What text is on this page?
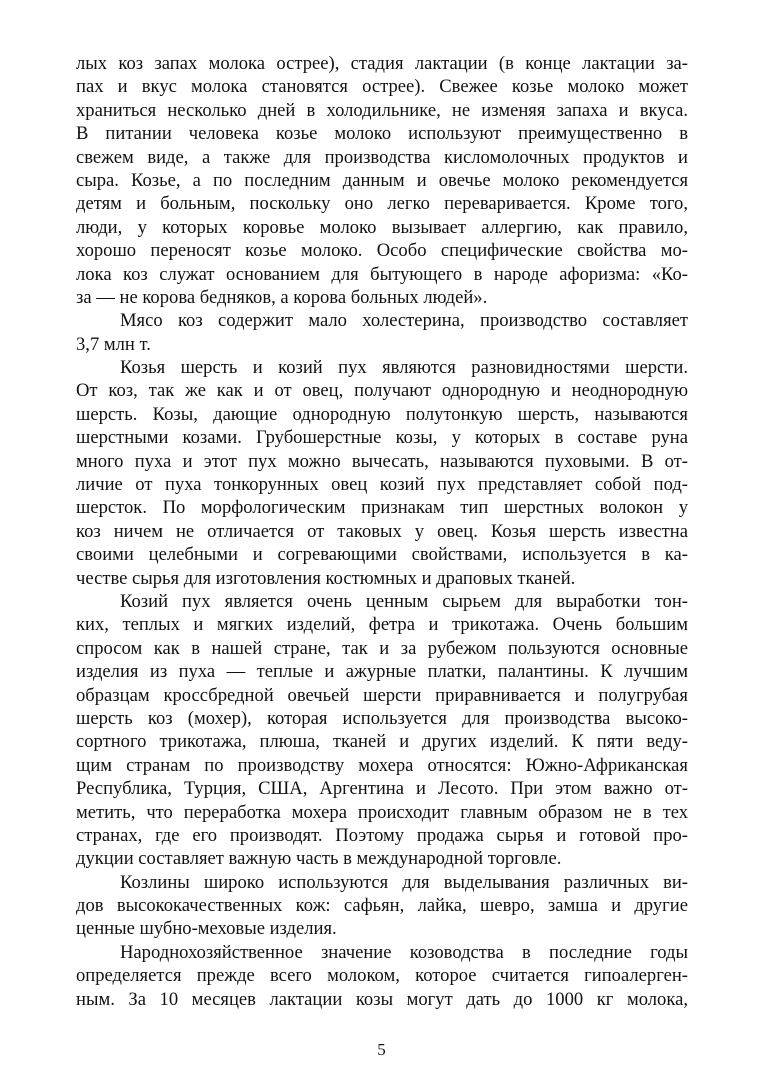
лых коз запах молока острее), стадия лактации (в конце лактации за-
пах и вкус молока становятся острее). Свежее козье молоко может
храниться несколько дней в холодильнике, не изменяя запаха и вкуса.
В питании человека козье молоко используют преимущественно в
свежем виде, а также для производства кисломолочных продуктов и
сыра. Козье, а по последним данным и овечье молоко рекомендуется
детям и больным, поскольку оно легко переваривается. Кроме того,
люди, у которых коровье молоко вызывает аллергию, как правило,
хорошо переносят козье молоко. Особо специфические свойства мо-
лока коз служат основанием для бытующего в народе афоризма: «Ко-
за — не корова бедняков, а корова больных людей».
Мясо коз содержит мало холестерина, производство составляет
3,7 млн т.
Козья шерсть и козий пух являются разновидностями шерсти.
От коз, так же как и от овец, получают однородную и неоднородную
шерсть. Козы, дающие однородную полутонкую шерсть, называются
шерстными козами. Грубошерстные козы, у которых в составе руна
много пуха и этот пух можно вычесать, называются пуховыми. В от-
личие от пуха тонкорунных овец козий пух представляет собой под-
шерсток. По морфологическим признакам тип шерстных волокон у
коз ничем не отличается от таковых у овец. Козья шерсть известна
своими целебными и согревающими свойствами, используется в ка-
честве сырья для изготовления костюмных и драповых тканей.
Козий пух является очень ценным сырьем для выработки тон-
ких, теплых и мягких изделий, фетра и трикотажа. Очень большим
спросом как в нашей стране, так и за рубежом пользуются основные
изделия из пуха — теплые и ажурные платки, палантины. К лучшим
образцам кроссбредной овечьей шерсти приравнивается и полугрубая
шерсть коз (мохер), которая используется для производства высоко-
сортного трикотажа, плюша, тканей и других изделий. К пяти веду-
щим странам по производству мохера относятся: Южно-Африканская
Республика, Турция, США, Аргентина и Лесото. При этом важно от-
метить, что переработка мохера происходит главным образом не в тех
странах, где его производят. Поэтому продажа сырья и готовой про-
дукции составляет важную часть в международной торговле.
Козлины широко используются для выделывания различных ви-
дов высококачественных кож: сафьян, лайка, шевро, замша и другие
ценные шубно-меховые изделия.
Народнохозяйственное значение козоводства в последние годы
определяется прежде всего молоком, которое считается гипоалерген-
ным. За 10 месяцев лактации козы могут дать до 1000 кг молока,
5
